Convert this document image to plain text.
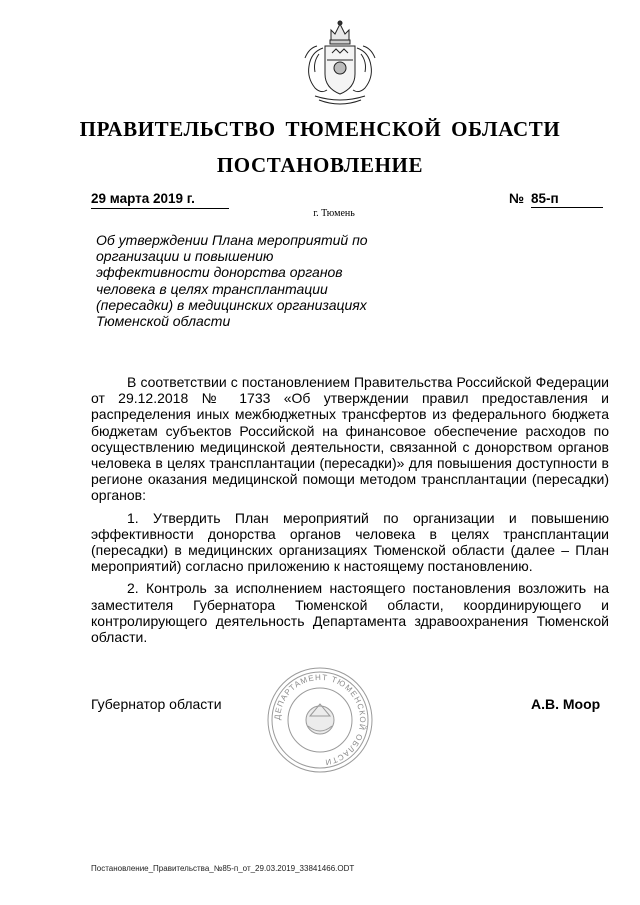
ПРАВИТЕЛЬСТВО ТЮМЕНСКОЙ ОБЛАСТИ
ПОСТАНОВЛЕНИЕ
29 марта 2019 г.	№ 85-п
г. Тюмень
Об утверждении Плана мероприятий по организации и повышению эффективности донорства органов человека в целях трансплантации (пересадки) в медицинских организациях Тюменской области

В соответствии с постановлением Правительства Российской Федерации от 29.12.2018 № 1733 «Об утверждении правил предоставления и распределения иных межбюджетных трансфертов из федерального бюджета бюджетам субъектов Российской на финансовое обеспечение расходов по осуществлению медицинской деятельности, связанной с донорством органов человека в целях трансплантации (пересадки)» для повышения доступности в регионе оказания медицинской помощи методом трансплантации (пересадки) органов:

1. Утвердить План мероприятий по организации и повышению эффективности донорства органов человека в целях трансплантации (пересадки) в медицинских организациях Тюменской области (далее – План мероприятий) согласно приложению к настоящему постановлению.

2. Контроль за исполнением настоящего постановления возложить на заместителя Губернатора Тюменской области, координирующего и контролирующего деятельность Департамента здравоохранения Тюменской области.

Губернатор области
ДЕПАРТАМЕНТ ТЮМЕНСКОЙ ОБЛАСТИ
А.В. Моор
Постановление_Правительства_№85-п_от_29.03.2019_33841466.ODT
